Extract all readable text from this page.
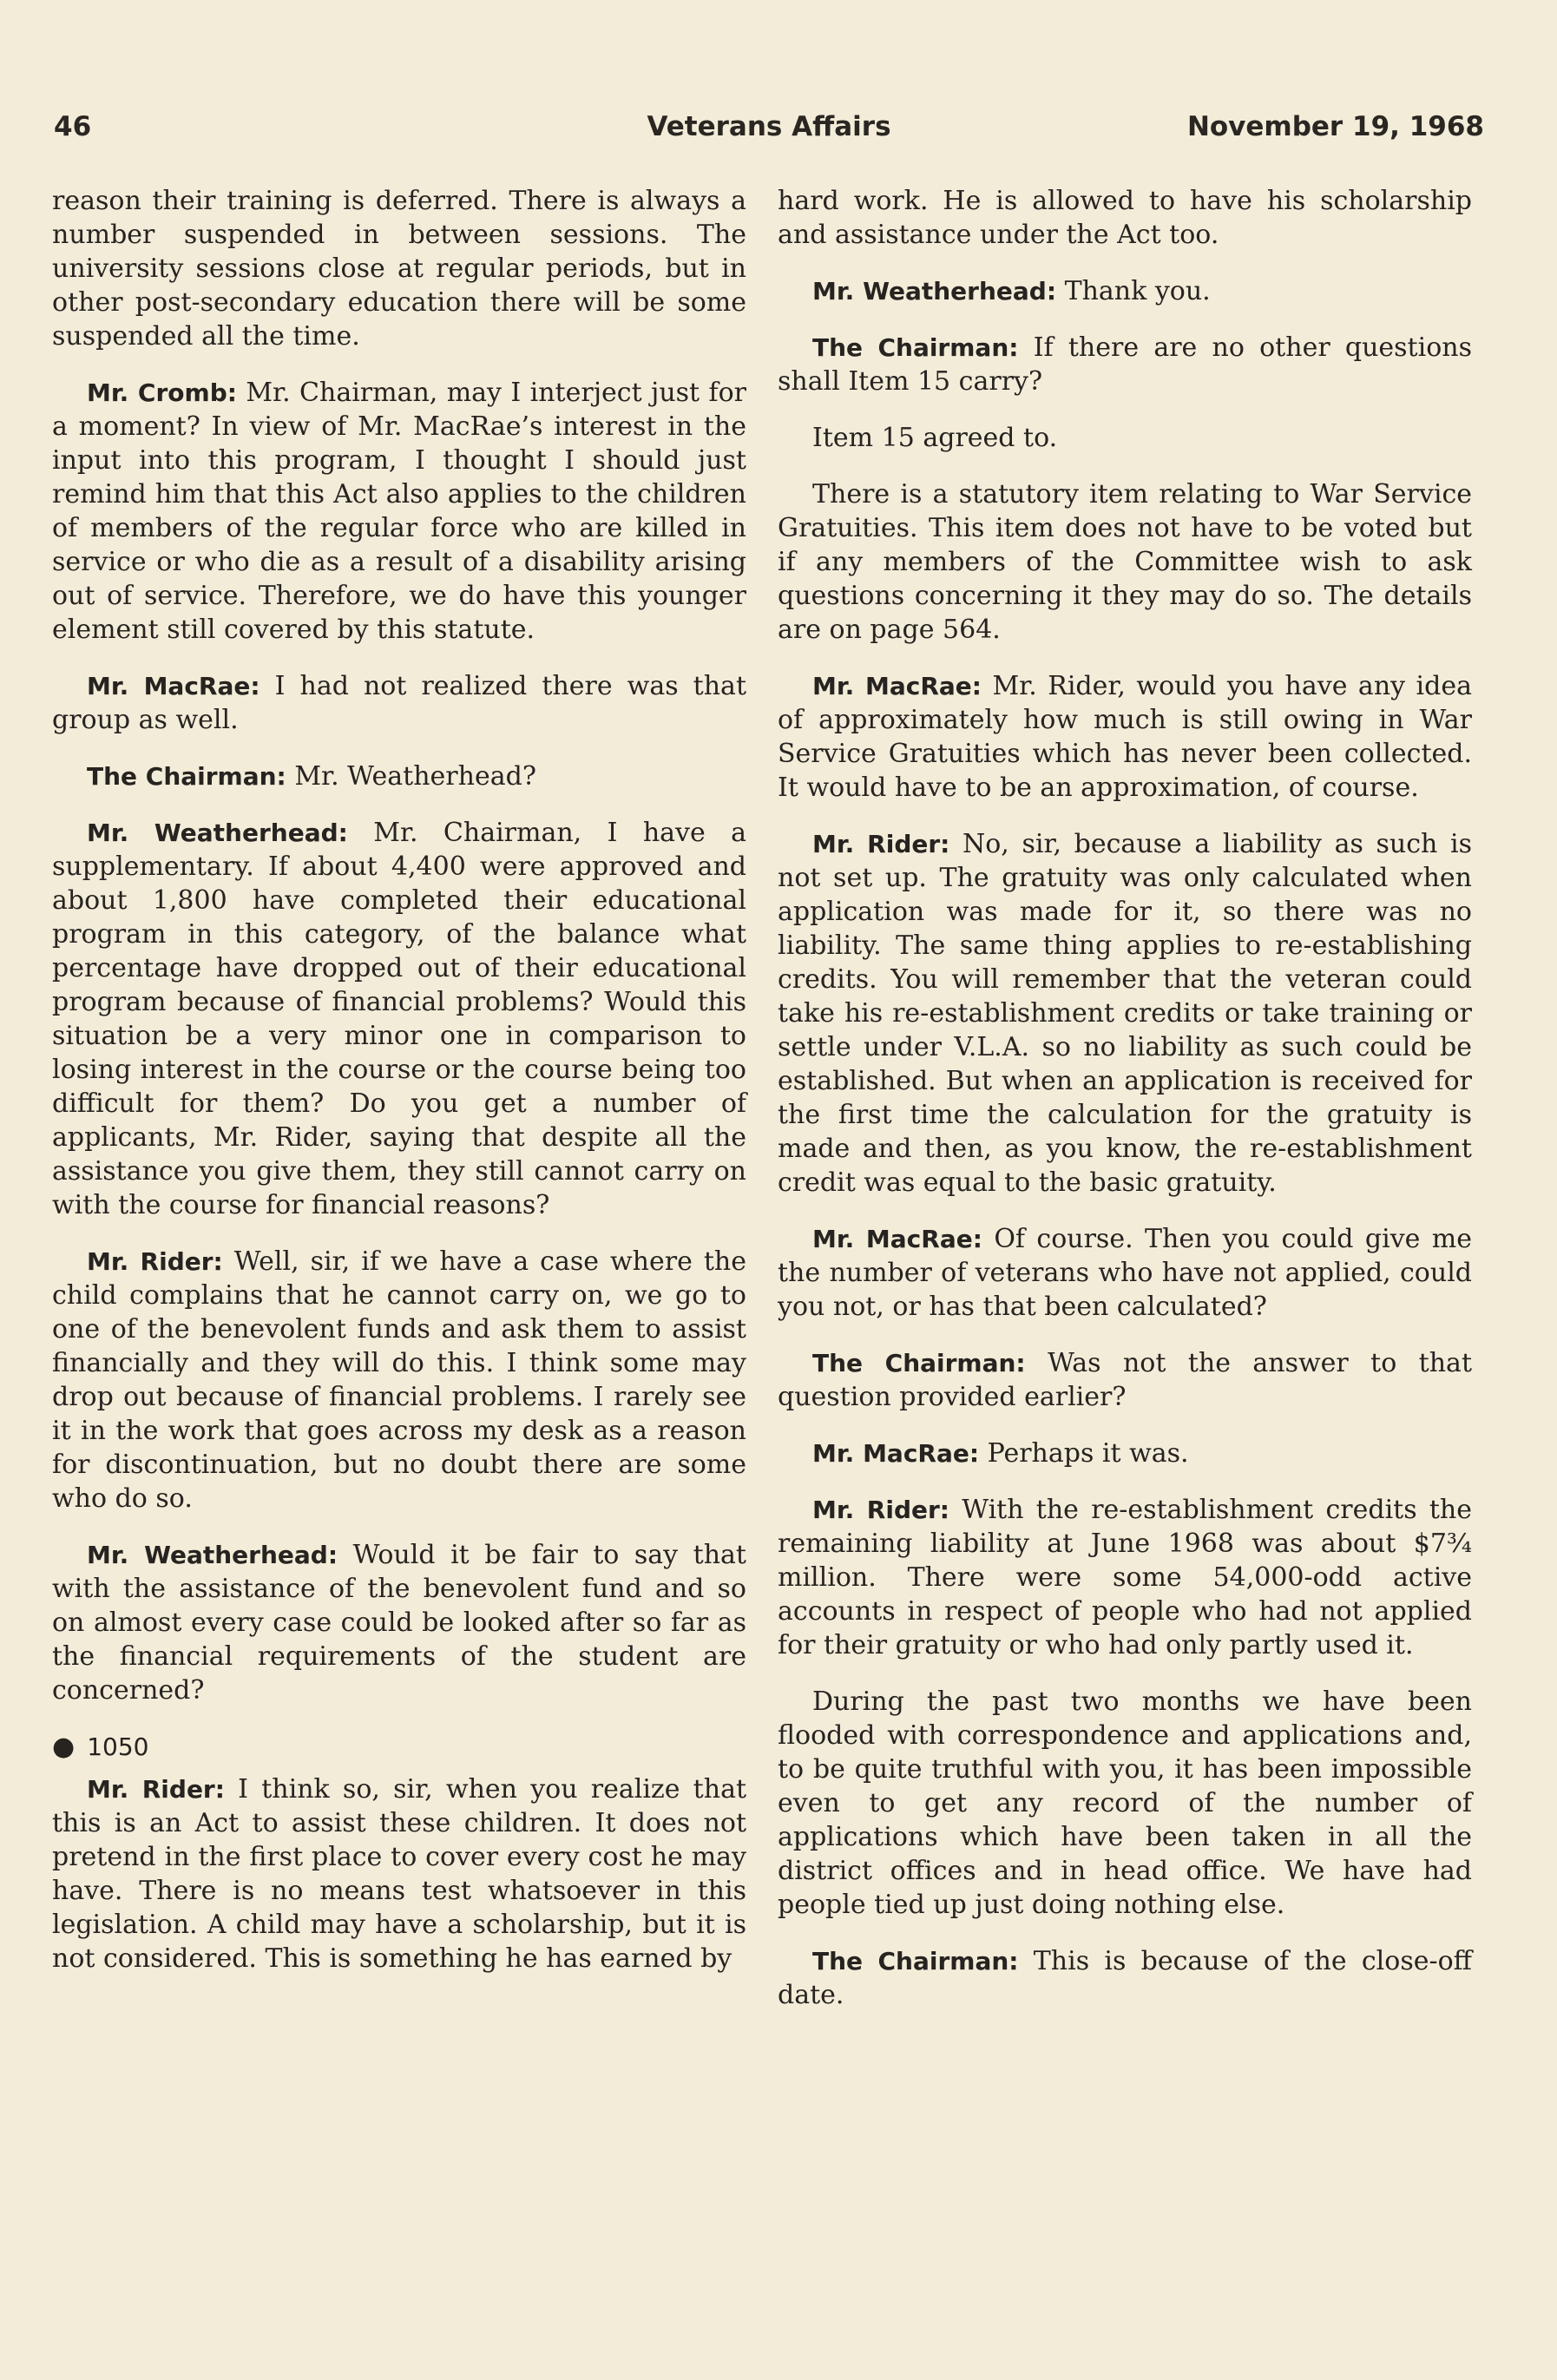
46	Veterans Affairs	November 19, 1968

reason their training is deferred. There is always a number suspended in between sessions. The university sessions close at regular periods, but in other post-secondary education there will be some suspended all the time.

Mr. Cromb: Mr. Chairman, may I interject just for a moment? In view of Mr. MacRae’s interest in the input into this program, I thought I should just remind him that this Act also applies to the children of members of the regular force who are killed in service or who die as a result of a disability arising out of service. Therefore, we do have this younger element still covered by this statute.

Mr. MacRae: I had not realized there was that group as well.

The Chairman: Mr. Weatherhead?

Mr. Weatherhead: Mr. Chairman, I have a supplementary. If about 4,400 were approved and about 1,800 have completed their educational program in this category, of the balance what percentage have dropped out of their educational program because of financial problems? Would this situation be a very minor one in comparison to losing interest in the course or the course being too difficult for them? Do you get a number of applicants, Mr. Rider, saying that despite all the assistance you give them, they still cannot carry on with the course for financial reasons?

Mr. Rider: Well, sir, if we have a case where the child complains that he cannot carry on, we go to one of the benevolent funds and ask them to assist financially and they will do this. I think some may drop out because of financial problems. I rarely see it in the work that goes across my desk as a reason for discontinuation, but no doubt there are some who do so.

Mr. Weatherhead: Would it be fair to say that with the assistance of the benevolent fund and so on almost every case could be looked after so far as the financial requirements of the student are concerned?

● 1050

Mr. Rider: I think so, sir, when you realize that this is an Act to assist these children. It does not pretend in the first place to cover every cost he may have. There is no means test whatsoever in this legislation. A child may have a scholarship, but it is not considered. This is something he has earned by

hard work. He is allowed to have his scholarship and assistance under the Act too.

Mr. Weatherhead: Thank you.

The Chairman: If there are no other questions shall Item 15 carry?

Item 15 agreed to.

There is a statutory item relating to War Service Gratuities. This item does not have to be voted but if any members of the Committee wish to ask questions concerning it they may do so. The details are on page 564.

Mr. MacRae: Mr. Rider, would you have any idea of approximately how much is still owing in War Service Gratuities which has never been collected. It would have to be an approximation, of course.

Mr. Rider: No, sir, because a liability as such is not set up. The gratuity was only calculated when application was made for it, so there was no liability. The same thing applies to re-establishing credits. You will remember that the veteran could take his re-establishment credits or take training or settle under V.L.A. so no liability as such could be established. But when an application is received for the first time the calculation for the gratuity is made and then, as you know, the re-establishment credit was equal to the basic gratuity.

Mr. MacRae: Of course. Then you could give me the number of veterans who have not applied, could you not, or has that been calculated?

The Chairman: Was not the answer to that question provided earlier?

Mr. MacRae: Perhaps it was.

Mr. Rider: With the re-establishment credits the remaining liability at June 1968 was about $7¾ million. There were some 54,000-odd active accounts in respect of people who had not applied for their gratuity or who had only partly used it.

During the past two months we have been flooded with correspondence and applications and, to be quite truthful with you, it has been impossible even to get any record of the number of applications which have been taken in all the district offices and in head office. We have had people tied up just doing nothing else.

The Chairman: This is because of the close-off date.
